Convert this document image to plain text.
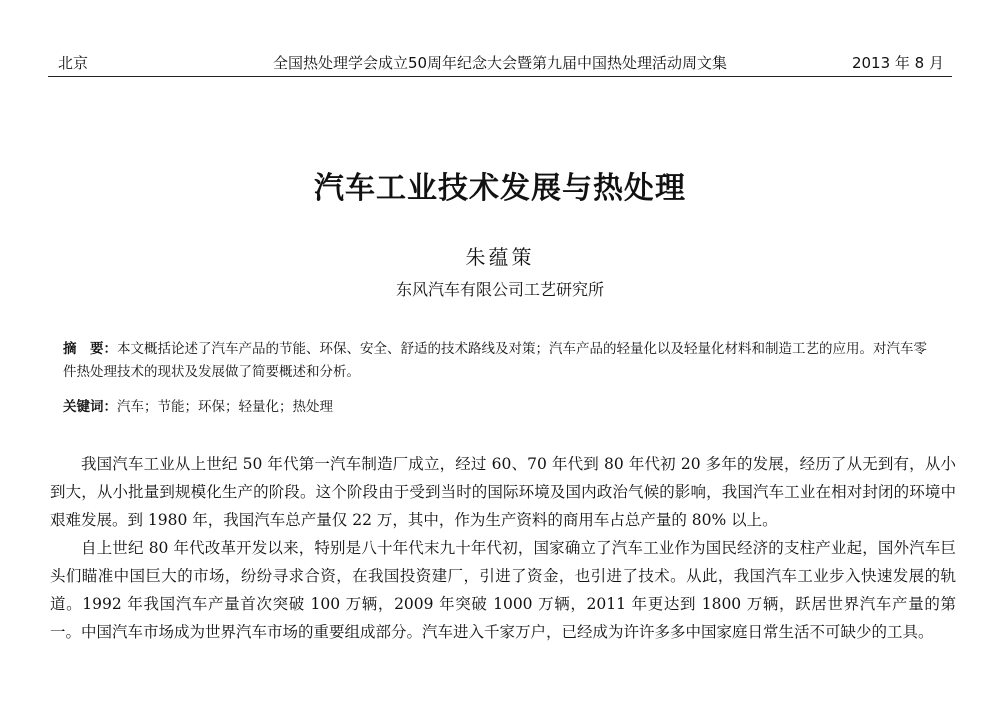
北京	全国热处理学会成立50周年纪念大会暨第九届中国热处理活动周文集	2013 年 8 月
汽车工业技术发展与热处理
朱蕴策
东风汽车有限公司工艺研究所
摘　要：本文概括论述了汽车产品的节能、环保、安全、舒适的技术路线及对策；汽车产品的轻量化以及轻量化材料和制造工艺的应用。对汽车零件热处理技术的现状及发展做了简要概述和分析。
关键词：汽车；节能；环保；轻量化；热处理

我国汽车工业从上世纪 50 年代第一汽车制造厂成立，经过 60、70 年代到 80 年代初 20 多年的发展，经历了从无到有，从小到大，从小批量到规模化生产的阶段。这个阶段由于受到当时的国际环境及国内政治气候的影响，我国汽车工业在相对封闭的环境中艰难发展。到 1980 年，我国汽车总产量仅 22 万，其中，作为生产资料的商用车占总产量的 80% 以上。

自上世纪 80 年代改革开发以来，特别是八十年代末九十年代初，国家确立了汽车工业作为国民经济的支柱产业起，国外汽车巨头们瞄准中国巨大的市场，纷纷寻求合资，在我国投资建厂，引进了资金，也引进了技术。从此，我国汽车工业步入快速发展的轨道。1992 年我国汽车产量首次突破 100 万辆，2009 年突破 1000 万辆，2011 年更达到 1800 万辆，跃居世界汽车产量的第一。中国汽车市场成为世界汽车市场的重要组成部分。汽车进入千家万户，已经成为许许多多中国家庭日常生活不可缺少的工具。
